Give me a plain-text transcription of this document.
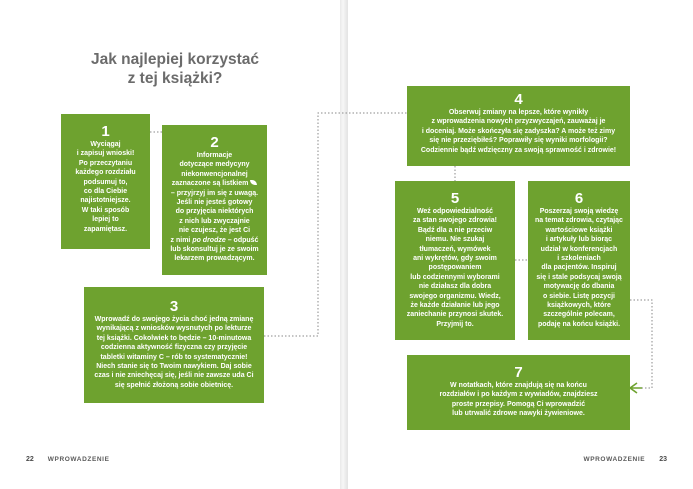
Jak najlepiej korzystać
z tej książki?
1
Wyciągaj
i zapisuj wnioski!
Po przeczytaniu
każdego rozdziału
podsumuj to,
co dla Ciebie
najistotniejsze.
W taki sposób
lepiej to
zapamiętasz.
2
Informacje
dotyczące medycyny
niekonwencjonalnej
zaznaczone są listkiem
– przyjrzyj im się z uwagą.
Jeśli nie jesteś gotowy
do przyjęcia niektórych
z nich lub zwyczajnie
nie czujesz, że jest Ci
z nimi po drodze – odpuść
lub skonsultuj je ze swoim
lekarzem prowadzącym.
3
Wprowadź do swojego życia choć jedną zmianę
wynikającą z wniosków wysnutych po lekturze
tej książki. Cokolwiek to będzie – 10-minutowa
codzienna aktywność fizyczna czy przyjęcie
tabletki witaminy C – rób to systematycznie!
Niech stanie się to Twoim nawykiem. Daj sobie
czas i nie zniechęcaj się, jeśli nie zawsze uda Ci
się spełnić złożoną sobie obietnicę.
4
Obserwuj zmiany na lepsze, które wynikły
z wprowadzenia nowych przyzwyczajeń, zauważaj je
i doceniaj. Może skończyła się zadyszka? A może też zimy
się nie przeziębiłeś? Poprawiły się wyniki morfologii?
Codziennie bądź wdzięczny za swoją sprawność i zdrowie!
5
Weź odpowiedzialność
za stan swojego zdrowia!
Bądź dla a nie przeciw
niemu. Nie szukaj
tłumaczeń, wymówek
ani wykrętów, gdy swoim
postępowaniem
lub codziennymi wyborami
nie działasz dla dobra
swojego organizmu. Wiedz,
że każde działanie lub jego
zaniechanie przynosi skutek.
Przyjmij to.
6
Poszerzaj swoją wiedzę
na temat zdrowia, czytając
wartościowe książki
i artykuły lub biorąc
udział w konferencjach
i szkoleniach
dla pacjentów. Inspiruj
się i stale podsycaj swoją
motywację do dbania
o siebie. Listę pozycji
książkowych, które
szczególnie polecam,
podaję na końcu książki.
7
W notatkach, które znajdują się na końcu
rozdziałów i po każdym z wywiadów, znajdziesz
proste przepisy. Pomogą Ci wprowadzić
lub utrwalić zdrowe nawyki żywieniowe.
22 WPROWADZENIE	WPROWADZENIE 23
